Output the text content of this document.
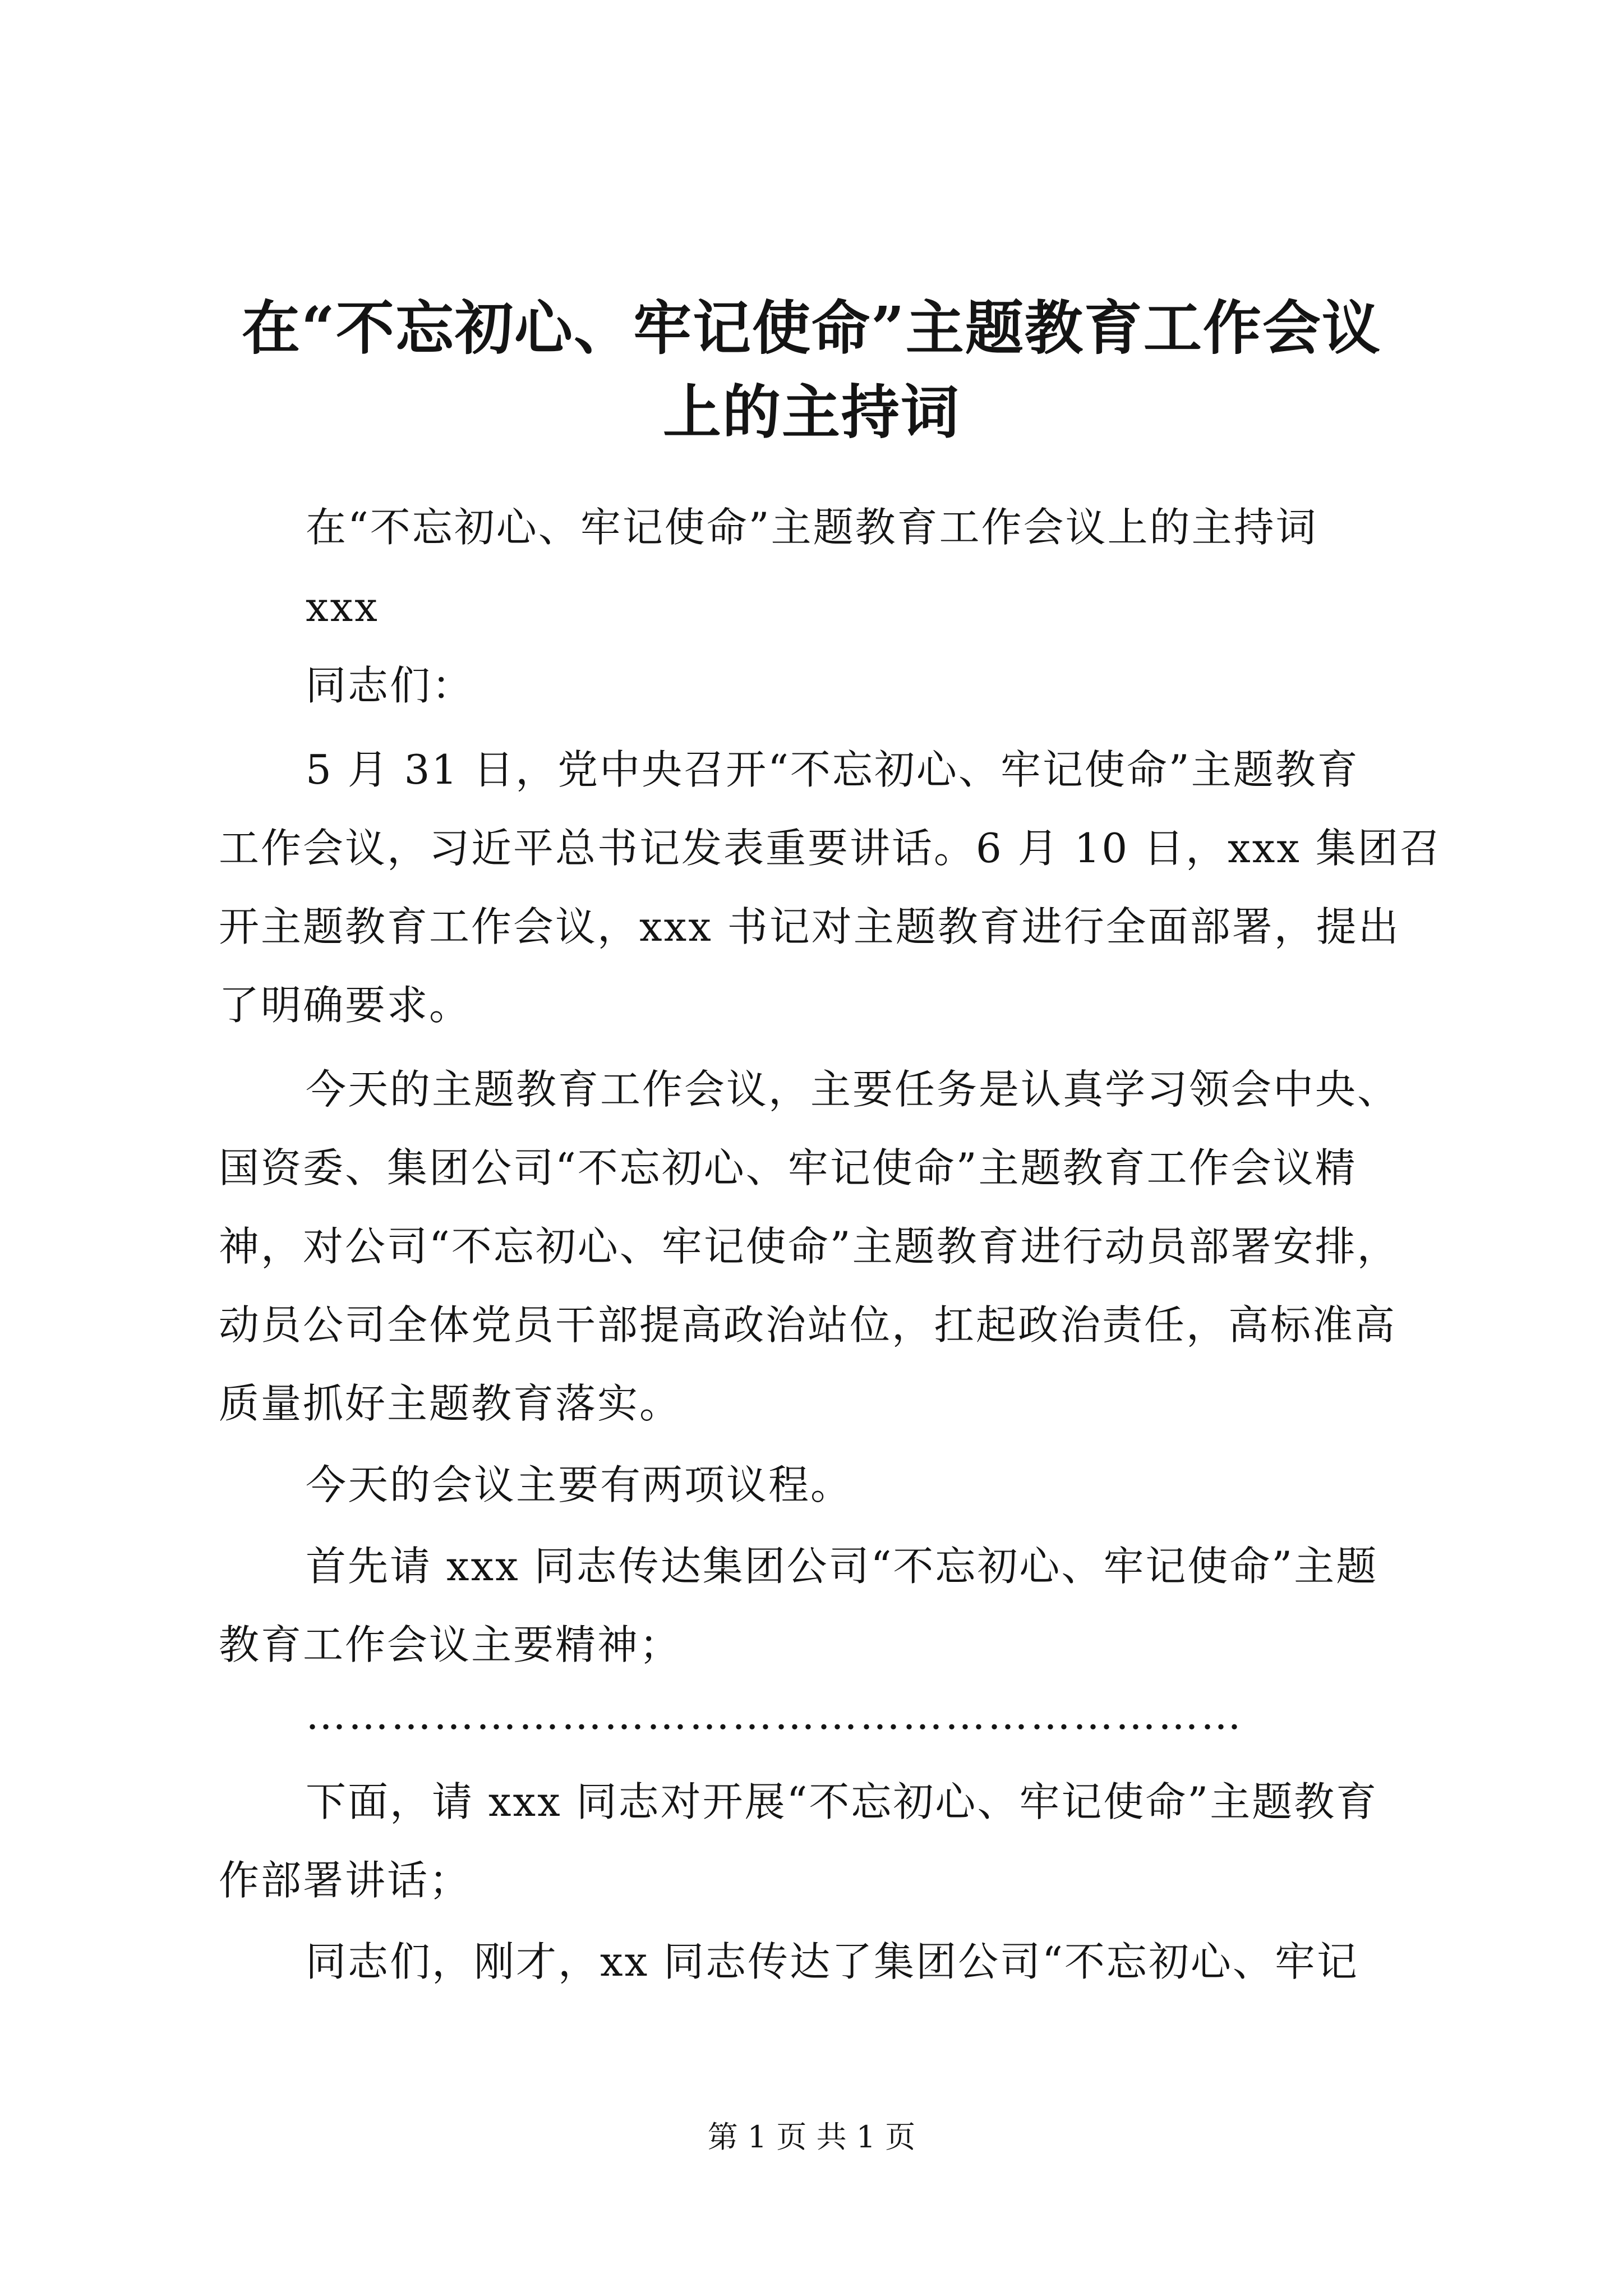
在“不忘初心、牢记使命”主题教育工作会议
上的主持词
在“不忘初心、牢记使命”主题教育工作会议上的主持词
xxx
同志们：
5 月 31 日，党中央召开“不忘初心、牢记使命”主题教育
工作会议，习近平总书记发表重要讲话。6 月 10 日，xxx 集团召
开主题教育工作会议，xxx 书记对主题教育进行全面部署，提出
了明确要求。
今天的主题教育工作会议，主要任务是认真学习领会中央、
国资委、集团公司“不忘初心、牢记使命”主题教育工作会议精
神，对公司“不忘初心、牢记使命”主题教育进行动员部署安排，
动员公司全体党员干部提高政治站位，扛起政治责任，高标准高
质量抓好主题教育落实。
今天的会议主要有两项议程。
首先请 xxx 同志传达集团公司“不忘初心、牢记使命”主题
教育工作会议主要精神；
…………………………………………………………
下面，请 xxx 同志对开展“不忘初心、牢记使命”主题教育
作部署讲话；
同志们，刚才，xx 同志传达了集团公司“不忘初心、牢记
第 1 页 共 1 页
